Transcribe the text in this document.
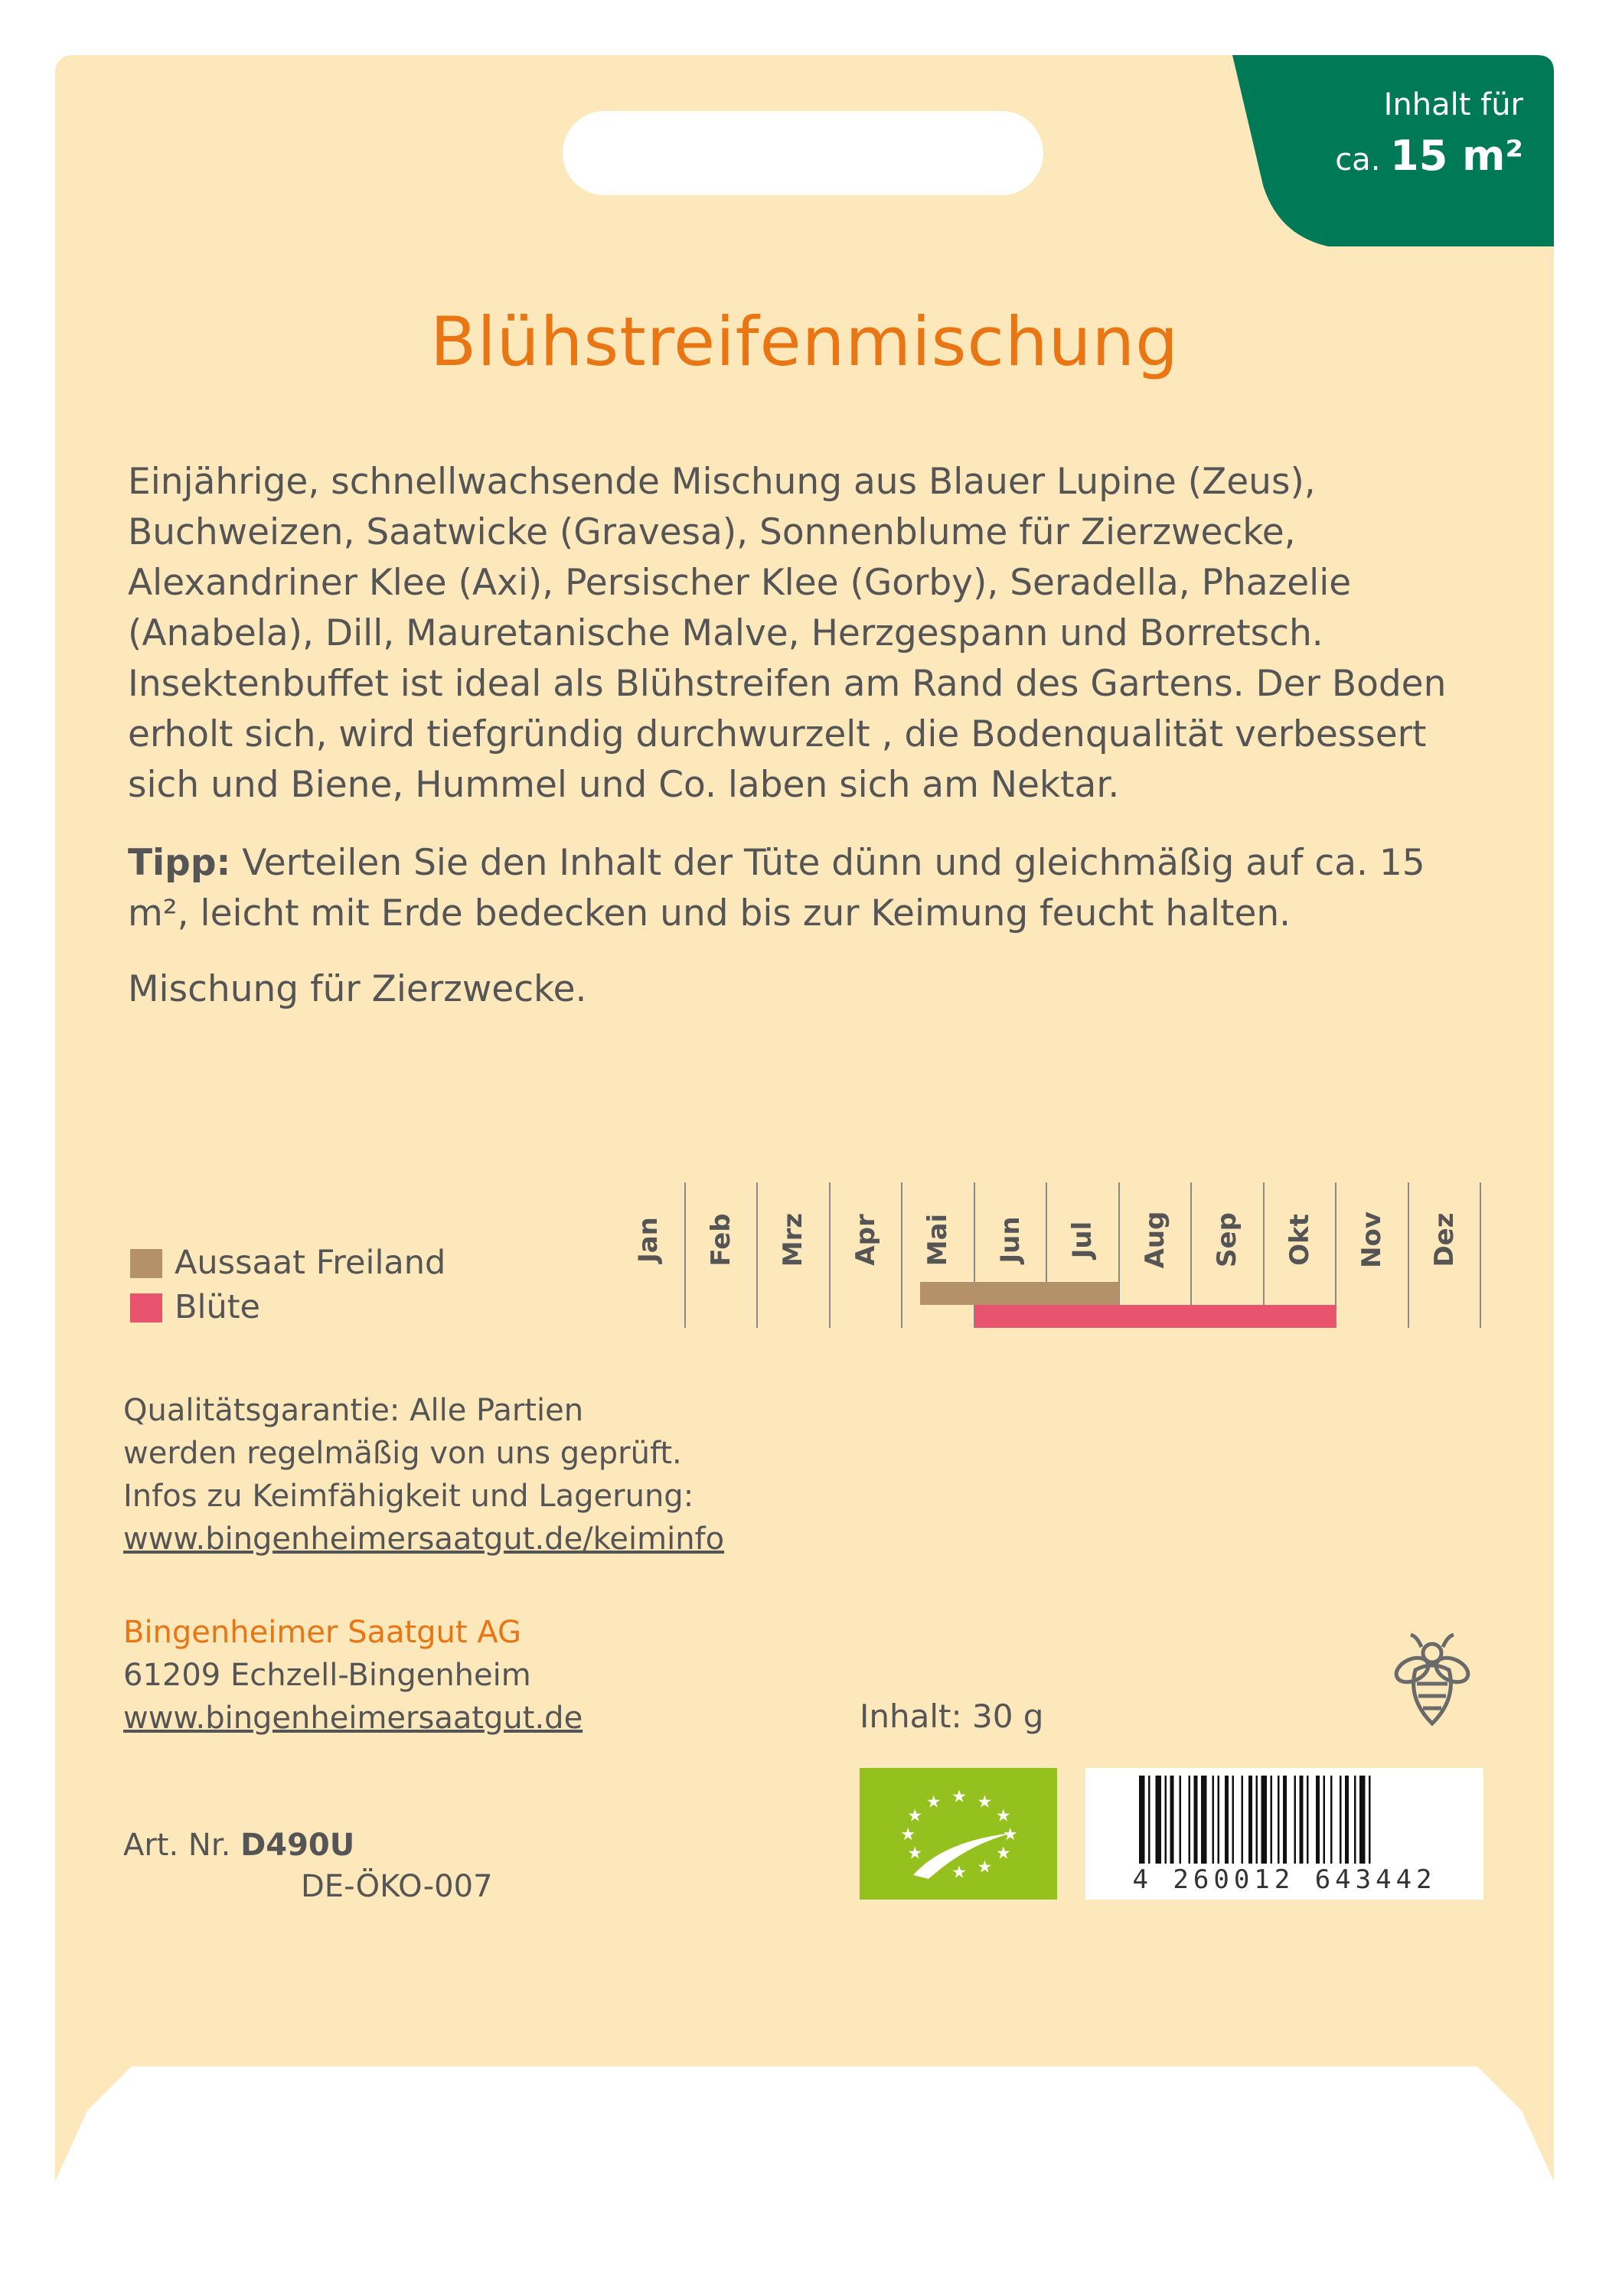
Inhalt für
ca. 15 m²
Blühstreifenmischung
Einjährige, schnellwachsende Mischung aus Blauer Lupine (Zeus), Buchweizen, Saatwicke (Gravesa), Sonnenblume für Zierzwecke, Alexandriner Klee (Axi), Persischer Klee (Gorby), Seradella, Phazelie (Anabela), Dill, Mauretanische Malve, Herzgespann und Borretsch. Insektenbuffet ist ideal als Blühstreifen am Rand des Gartens. Der Boden erholt sich, wird tiefgründig durchwurzelt , die Bodenqualität verbessert sich und Biene, Hummel und Co. laben sich am Nektar.
Tipp: Verteilen Sie den Inhalt der Tüte dünn und gleichmäßig auf ca. 15 m², leicht mit Erde bedecken und bis zur Keimung feucht halten.
Mischung für Zierzwecke.
Aussaat Freiland
Blüte
Jan Feb Mrz Apr Mai Jun Jul Aug Sep Okt Nov Dez
Qualitätsgarantie: Alle Partien
werden regelmäßig von uns geprüft.
Infos zu Keimfähigkeit und Lagerung:
www.bingenheimersaatgut.de/keiminfo
Bingenheimer Saatgut AG
61209 Echzell-Bingenheim
www.bingenheimersaatgut.de
Art. Nr. D490U
DE-ÖKO-007
Inhalt: 30 g
★
★
★
★
★
★
★
★ ★ ★
★
4 260012 643442
